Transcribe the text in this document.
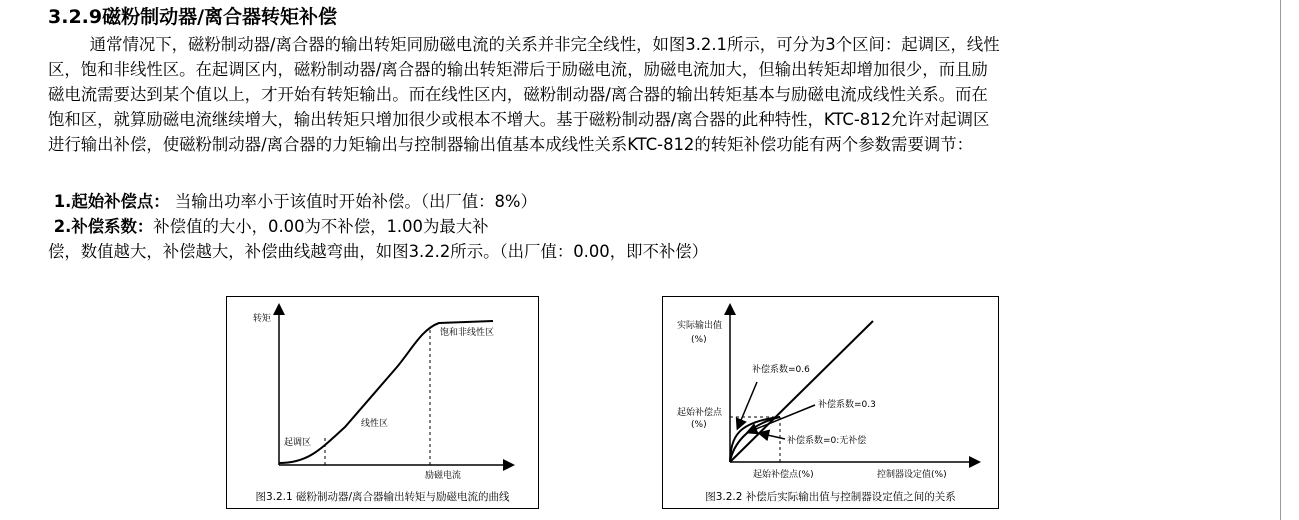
3.2.9磁粉制动器/离合器转矩补偿
通常情况下，磁粉制动器/离合器的输出转矩同励磁电流的关系并非完全线性，如图3.2.1所示，可分为3个区间：起调区，线性
区，饱和非线性区。在起调区内，磁粉制动器/离合器的输出转矩滞后于励磁电流，励磁电流加大，但输出转矩却增加很少，而且励
磁电流需要达到某个值以上，才开始有转矩输出。而在线性区内，磁粉制动器/离合器的输出转矩基本与励磁电流成线性关系。而在
饱和区，就算励磁电流继续增大，输出转矩只增加很少或根本不增大。基于磁粉制动器/离合器的此种特性，KTC-812允许对起调区
进行输出补偿，使磁粉制动器/离合器的力矩输出与控制器输出值基本成线性关系KTC-812的转矩补偿功能有两个参数需要调节：
1.起始补偿点： 当输出功率小于该值时开始补偿。（出厂值：8%）
2.补偿系数：补偿值的大小，0.00为不补偿，1.00为最大补
偿，数值越大，补偿越大，补偿曲线越弯曲，如图3.2.2所示。（出厂值：0.00，即不补偿）
转矩
励磁电流
起调区
线性区
饱和非线性区
图3.2.1 磁粉制动器/离合器输出转矩与励磁电流的曲线
实际输出值
(%)
起始补偿点
(%)
起始补偿点(%)	控制器设定值(%)
补偿系数=0.6
补偿系数=0.3
补偿系数=0:无补偿
图3.2.2 补偿后实际输出值与控制器设定值之间的关系
